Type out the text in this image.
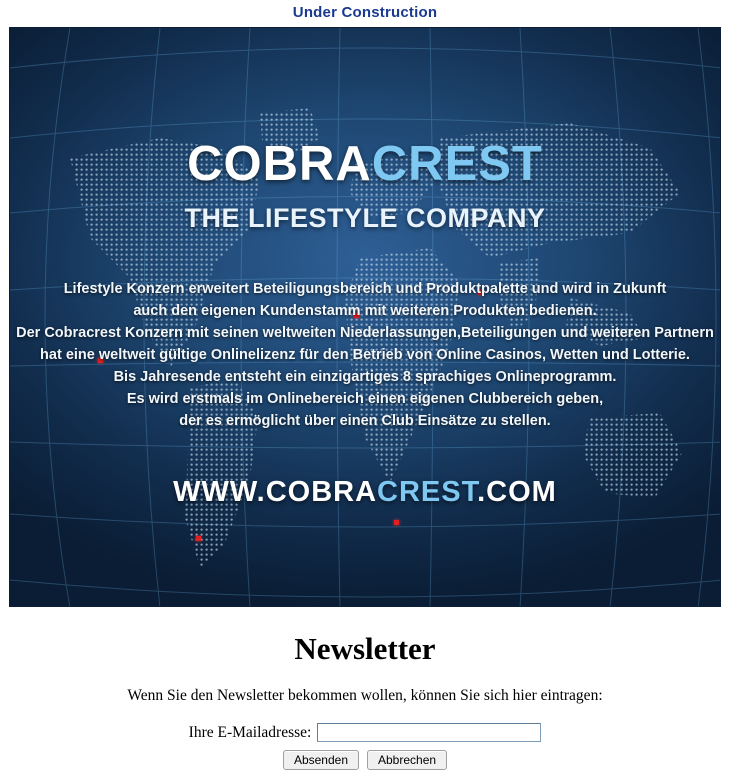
Under Construction
COBRACREST
THE LIFESTYLE COMPANY
Lifestyle Konzern erweitert Beteiligungsbereich und Produktpalette und wird in Zukunft
auch den eigenen Kundenstamm mit weiteren Produkten bedienen.
Der Cobracrest Konzern mit seinen weltweiten Niederlassungen,Beteiligungen und weiteren Partnern
hat eine weltweit gültige Onlinelizenz für den Betrieb von Online Casinos, Wetten und Lotterie.
Bis Jahresende entsteht ein einzigartiges 8 sprachiges Onlineprogramm.
Es wird erstmals im Onlinebereich einen eigenen Clubbereich geben,
der es ermöglicht über einen Club Einsätze zu stellen.
WWW.COBRACREST.COM
Newsletter
Wenn Sie den Newsletter bekommen wollen, können Sie sich hier eintragen:
Ihre E-Mailadresse:
Absenden	Abbrechen
